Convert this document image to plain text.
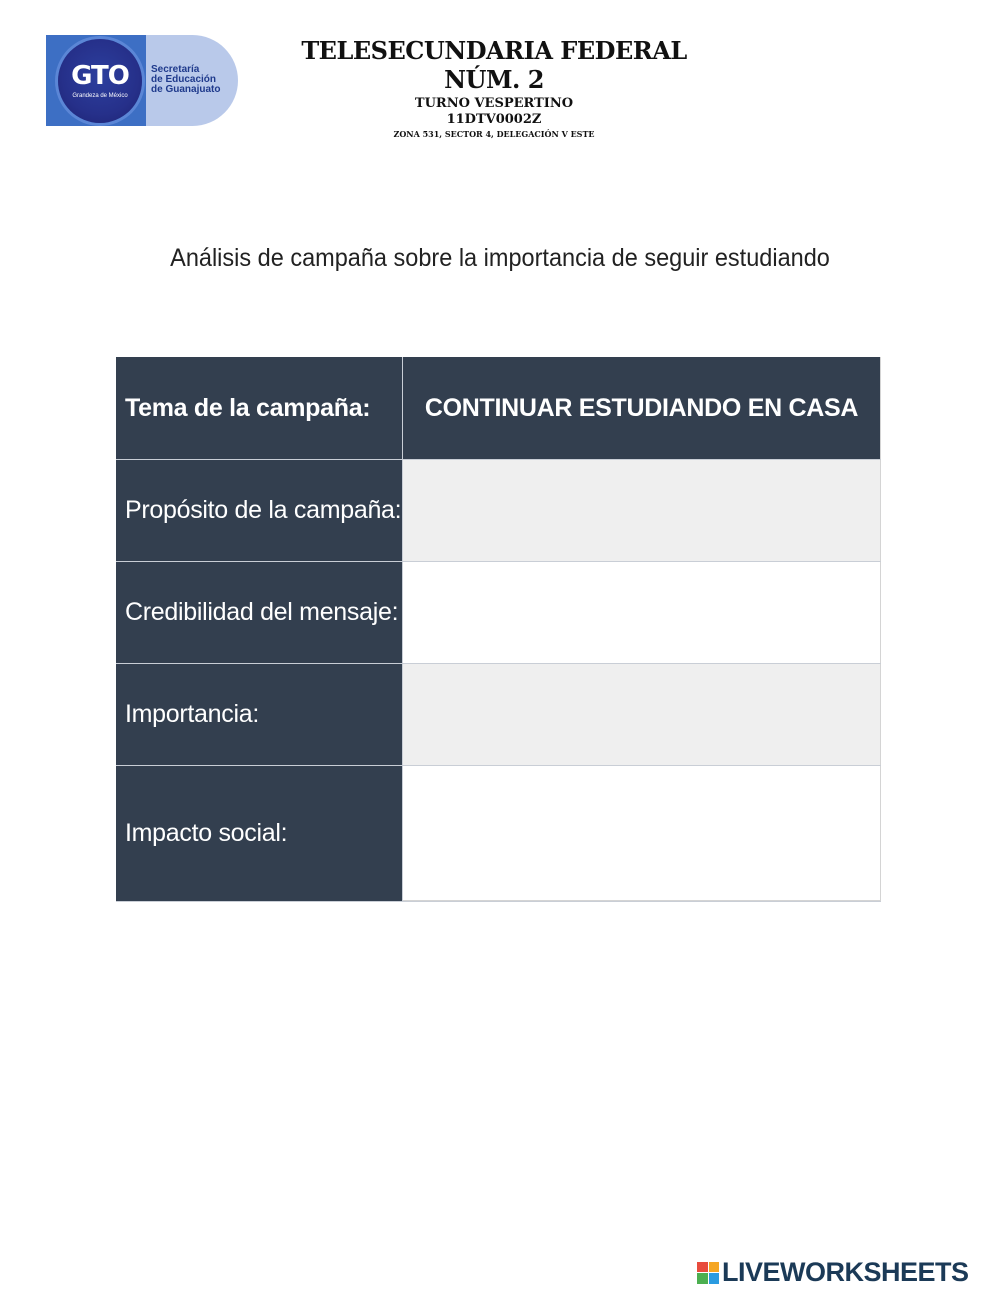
GTO
Grandeza de México
Secretaría
de Educación
de Guanajuato
TELESECUNDARIA FEDERAL NÚM. 2
TURNO VESPERTINO
11DTV0002Z
ZONA 531, SECTOR 4, DELEGACIÓN V ESTE
Análisis de campaña sobre la importancia de seguir estudiando
Tema de la campaña:	CONTINUAR ESTUDIANDO EN CASA
Propósito de la campaña:
Credibilidad del mensaje:
Importancia:
Impacto social:
LIVEWORKSHEETS
